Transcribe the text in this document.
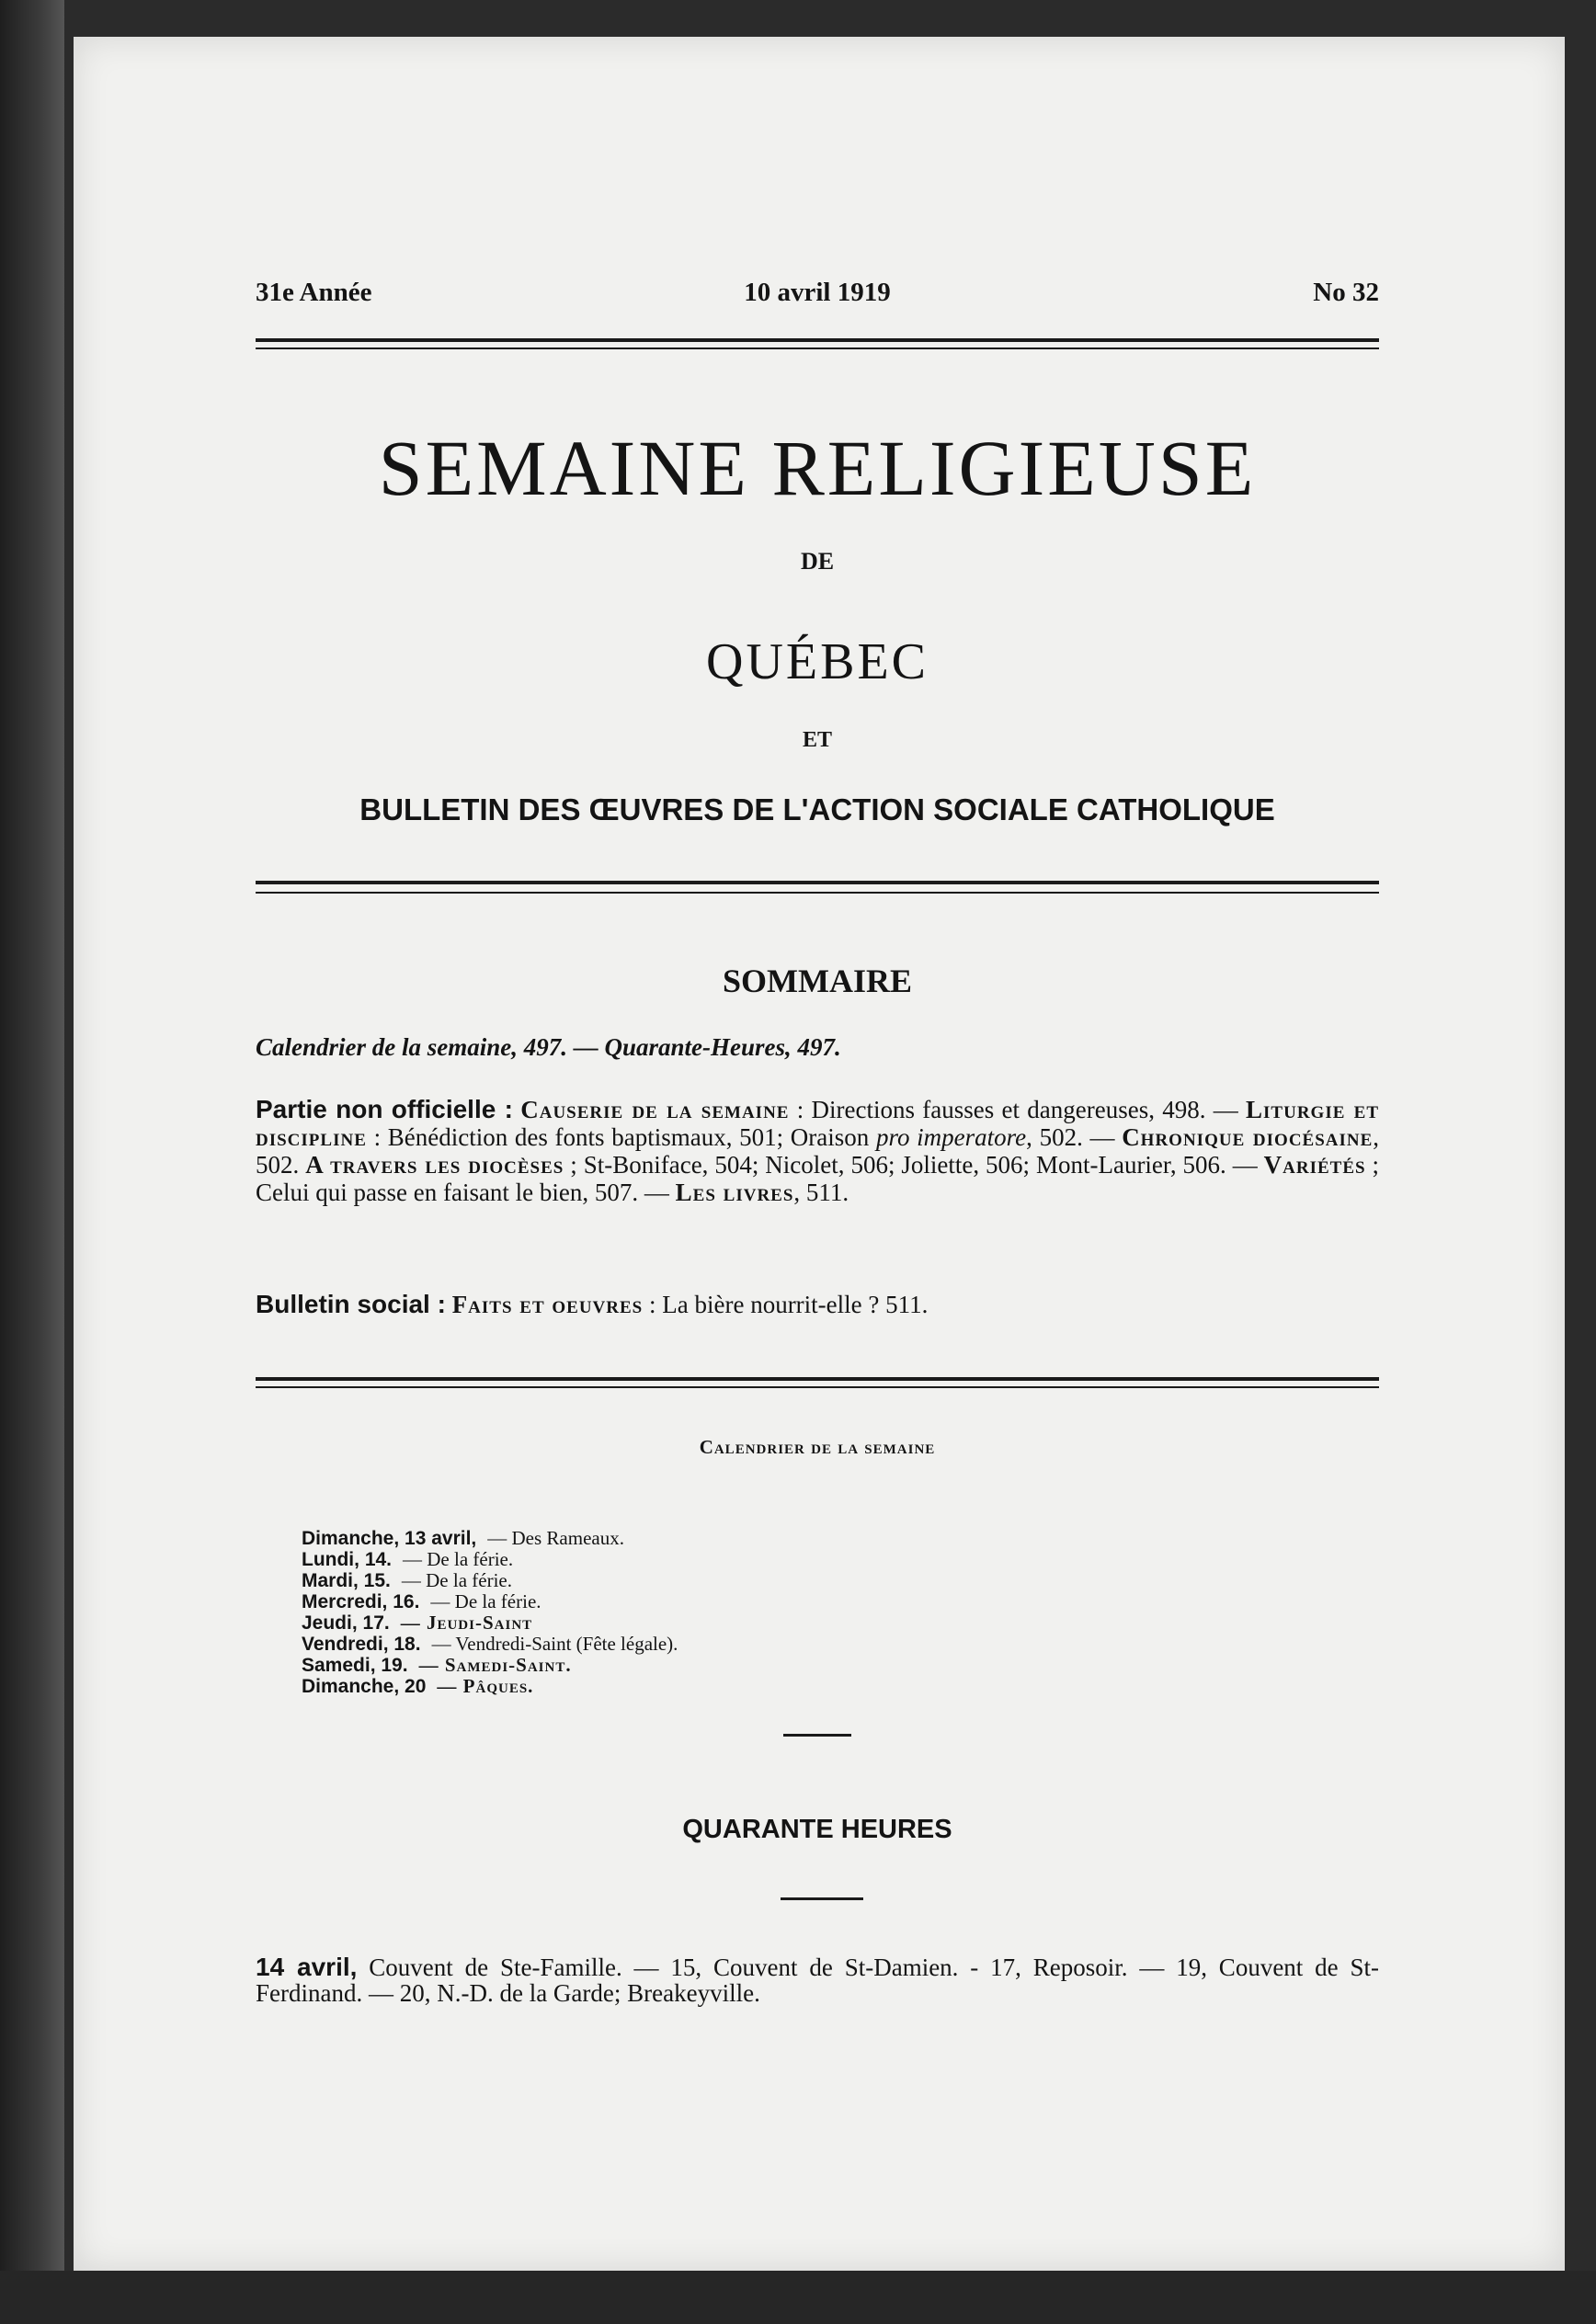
31e Année	10 avril 1919	No 32
SEMAINE RELIGIEUSE
DE
QUÉBEC
ET
BULLETIN DES ŒUVRES DE L'ACTION SOCIALE CATHOLIQUE
SOMMAIRE
Calendrier de la semaine, 497. — Quarante-Heures, 497.
Partie non officielle : Causerie de la semaine : Directions fausses et dangereuses, 498. — Liturgie et discipline : Bénédiction des fonts baptismaux, 501; Oraison pro imperatore, 502. — Chronique diocésaine, 502. A travers les diocèses ; St-Boniface, 504; Nicolet, 506; Joliette, 506; Mont-Laurier, 506. — Variétés ; Celui qui passe en faisant le bien, 507. — Les livres, 511.
Bulletin social : Faits et oeuvres : La bière nourrit-elle ? 511.
Calendrier de la semaine
Dimanche, 13 avril, — Des Rameaux.
Lundi, 14. — De la férie.
Mardi, 15. — De la férie.
Mercredi, 16. — De la férie.
Jeudi, 17. — Jeudi-Saint
Vendredi, 18. — Vendredi-Saint (Fête légale).
Samedi, 19. — Samedi-Saint.
Dimanche, 20 — Pâques.
QUARANTE HEURES
14 avril, Couvent de Ste-Famille. — 15, Couvent de St-Damien. - 17, Reposoir. — 19, Couvent de St-Ferdinand. — 20, N.-D. de la Garde; Breakeyville.
